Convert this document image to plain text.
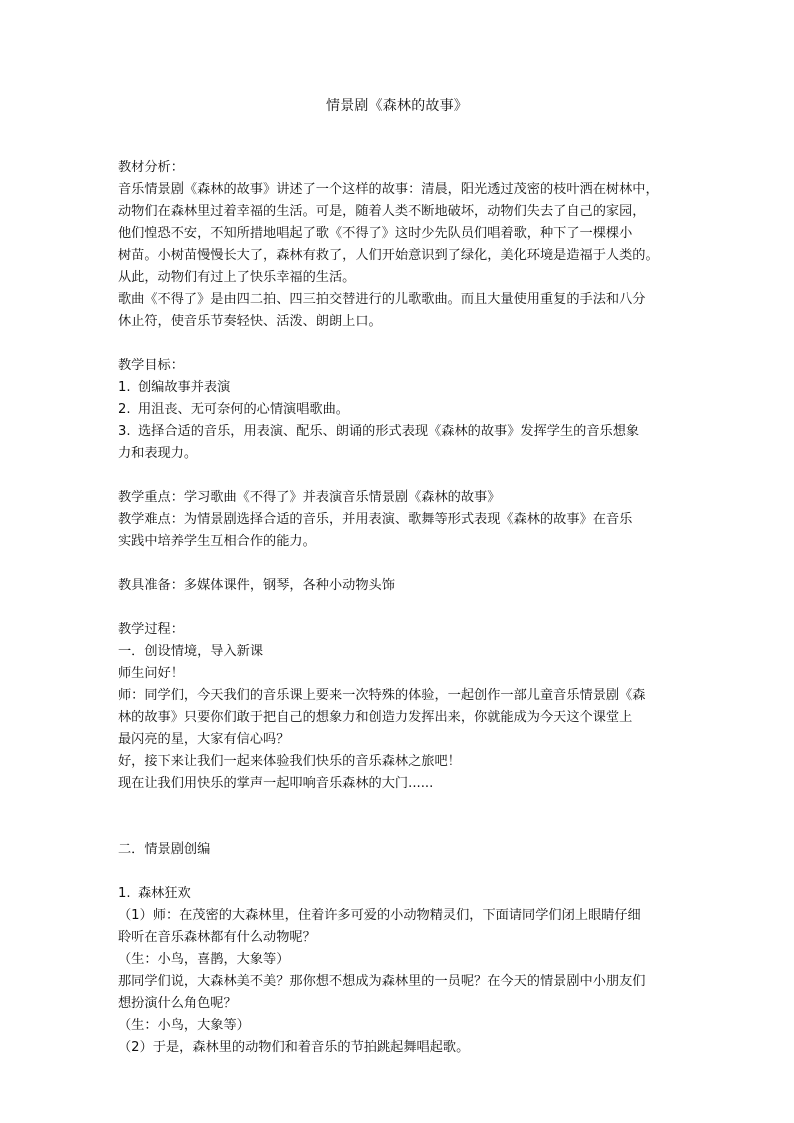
情景剧《森林的故事》
教材分析：
音乐情景剧《森林的故事》讲述了一个这样的故事：清晨，阳光透过茂密的枝叶洒在树林中，
动物们在森林里过着幸福的生活。可是，随着人类不断地破坏，动物们失去了自己的家园，
他们惶恐不安，不知所措地唱起了歌《不得了》这时少先队员们唱着歌，种下了一棵棵小
树苗。小树苗慢慢长大了，森林有救了，人们开始意识到了绿化，美化环境是造福于人类的。
从此，动物们有过上了快乐幸福的生活。
歌曲《不得了》是由四二拍、四三拍交替进行的儿歌歌曲。而且大量使用重复的手法和八分
休止符，使音乐节奏轻快、活泼、朗朗上口。
教学目标：
1. 创编故事并表演
2. 用沮丧、无可奈何的心情演唱歌曲。
3. 选择合适的音乐，用表演、配乐、朗诵的形式表现《森林的故事》发挥学生的音乐想象
力和表现力。
教学重点：学习歌曲《不得了》并表演音乐情景剧《森林的故事》
教学难点：为情景剧选择合适的音乐，并用表演、歌舞等形式表现《森林的故事》在音乐
实践中培养学生互相合作的能力。
教具准备：多媒体课件，钢琴，各种小动物头饰
教学过程：
一．创设情境，导入新课
师生问好！
师：同学们，今天我们的音乐课上要来一次特殊的体验，一起创作一部儿童音乐情景剧《森
林的故事》只要你们敢于把自己的想象力和创造力发挥出来，你就能成为今天这个课堂上
最闪亮的星，大家有信心吗？
好，接下来让我们一起来体验我们快乐的音乐森林之旅吧！
现在让我们用快乐的掌声一起叩响音乐森林的大门......
二．情景剧创编
1. 森林狂欢
（1）师：在茂密的大森林里，住着许多可爱的小动物精灵们，下面请同学们闭上眼睛仔细
聆听在音乐森林都有什么动物呢？
（生：小鸟，喜鹊，大象等）
那同学们说，大森林美不美？那你想不想成为森林里的一员呢？在今天的情景剧中小朋友们
想扮演什么角色呢？
（生：小鸟，大象等）
（2）于是，森林里的动物们和着音乐的节拍跳起舞唱起歌。
